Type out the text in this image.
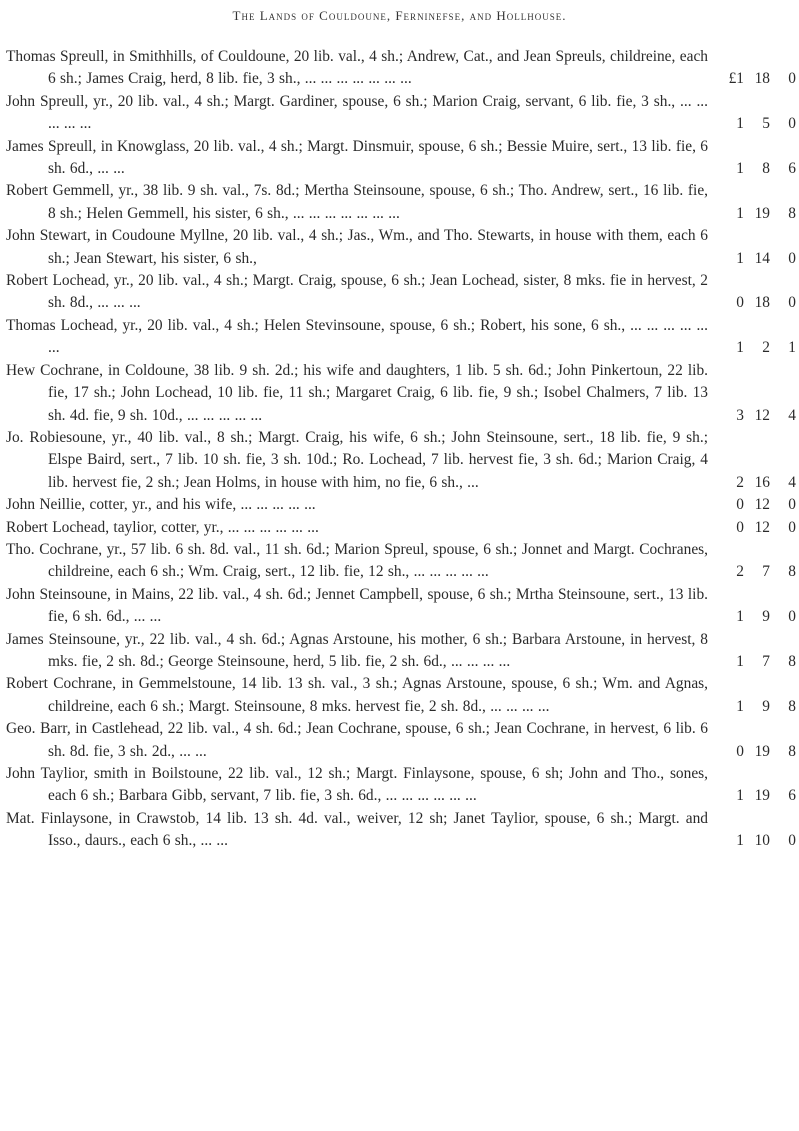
The Lands of Couldoune, Ferninefse, and Hollhouse.
Thomas Spreull, in Smithhills, of Couldoune, 20 lib. val., 4 sh.; Andrew, Cat., and Jean Spreuls, childreine, each 6 sh.; James Craig, herd, 8 lib. fie, 3 sh., ... ... ... ... ... ... ...	£1 18	0
John Spreull, yr., 20 lib. val., 4 sh.; Margt. Gardiner, spouse, 6 sh.; Marion Craig, servant, 6 lib. fie, 3 sh., ... ... ... ... ...	1	5	0
James Spreull, in Knowglass, 20 lib. val., 4 sh.; Margt. Dinsmuir, spouse, 6 sh.; Bessie Muire, sert., 13 lib. fie, 6 sh. 6d., ... ...	1	8	6
Robert Gemmell, yr., 38 lib. 9 sh. val., 7s. 8d.; Mertha Steinsoune, spouse, 6 sh.; Tho. Andrew, sert., 16 lib. fie, 8 sh.; Helen Gemmell, his sister, 6 sh., ... ... ... ... ... ... ...	1 19	8
John Stewart, in Coudoune Myllne, 20 lib. val., 4 sh.; Jas., Wm., and Tho. Stewarts, in house with them, each 6 sh.; Jean Stewart, his sister, 6 sh.,	1 14	0
Robert Lochead, yr., 20 lib. val., 4 sh.; Margt. Craig, spouse, 6 sh.; Jean Lochead, sister, 8 mks. fie in hervest, 2 sh. 8d., ... ... ...	0 18	0
Thomas Lochead, yr., 20 lib. val., 4 sh.; Helen Stevinsoune, spouse, 6 sh.; Robert, his sone, 6 sh., ... ... ... ... ... ...	1	2	1
Hew Cochrane, in Coldoune, 38 lib. 9 sh. 2d.; his wife and daughters, 1 lib. 5 sh. 6d.; John Pinkertoun, 22 lib. fie, 17 sh.; John Lochead, 10 lib. fie, 11 sh.; Margaret Craig, 6 lib. fie, 9 sh.; Isobel Chalmers, 7 lib. 13 sh. 4d. fie, 9 sh. 10d., ... ... ... ... ...	3 12	4
Jo. Robiesoune, yr., 40 lib. val., 8 sh.; Margt. Craig, his wife, 6 sh.; John Steinsoune, sert., 18 lib. fie, 9 sh.; Elspe Baird, sert., 7 lib. 10 sh. fie, 3 sh. 10d.; Ro. Lochead, 7 lib. hervest fie, 3 sh. 6d.; Marion Craig, 4 lib. hervest fie, 2 sh.; Jean Holms, in house with him, no fie, 6 sh., ...	2 16	4
John Neillie, cotter, yr., and his wife, ... ... ... ... ...	0 12	0
Robert Lochead, taylior, cotter, yr., ... ... ... ... ... ...	0 12	0
Tho. Cochrane, yr., 57 lib. 6 sh. 8d. val., 11 sh. 6d.; Marion Spreul, spouse, 6 sh.; Jonnet and Margt. Cochranes, childreine, each 6 sh.; Wm. Craig, sert., 12 lib. fie, 12 sh., ... ... ... ... ...	2	7	8
John Steinsoune, in Mains, 22 lib. val., 4 sh. 6d.; Jennet Campbell, spouse, 6 sh.; Mrtha Steinsoune, sert., 13 lib. fie, 6 sh. 6d., ... ...	1	9	0
James Steinsoune, yr., 22 lib. val., 4 sh. 6d.; Agnas Arstoune, his mother, 6 sh.; Barbara Arstoune, in hervest, 8 mks. fie, 2 sh. 8d.; George Steinsoune, herd, 5 lib. fie, 2 sh. 6d., ... ... ... ...	1	7	8
Robert Cochrane, in Gemmelstoune, 14 lib. 13 sh. val., 3 sh.; Agnas Arstoune, spouse, 6 sh.; Wm. and Agnas, childreine, each 6 sh.; Margt. Steinsoune, 8 mks. hervest fie, 2 sh. 8d., ... ... ... ...	1	9	8
Geo. Barr, in Castlehead, 22 lib. val., 4 sh. 6d.; Jean Cochrane, spouse, 6 sh.; Jean Cochrane, in hervest, 6 lib. 6 sh. 8d. fie, 3 sh. 2d., ... ...	0 19	8
John Taylior, smith in Boilstoune, 22 lib. val., 12 sh.; Margt. Finlaysone, spouse, 6 sh; John and Tho., sones, each 6 sh.; Barbara Gibb, servant, 7 lib. fie, 3 sh. 6d., ... ... ... ... ... ...	1 19	6
Mat. Finlaysone, in Crawstob, 14 lib. 13 sh. 4d. val., weiver, 12 sh; Janet Taylior, spouse, 6 sh.; Margt. and Isso., daurs., each 6 sh., ... ...	1 10	0
